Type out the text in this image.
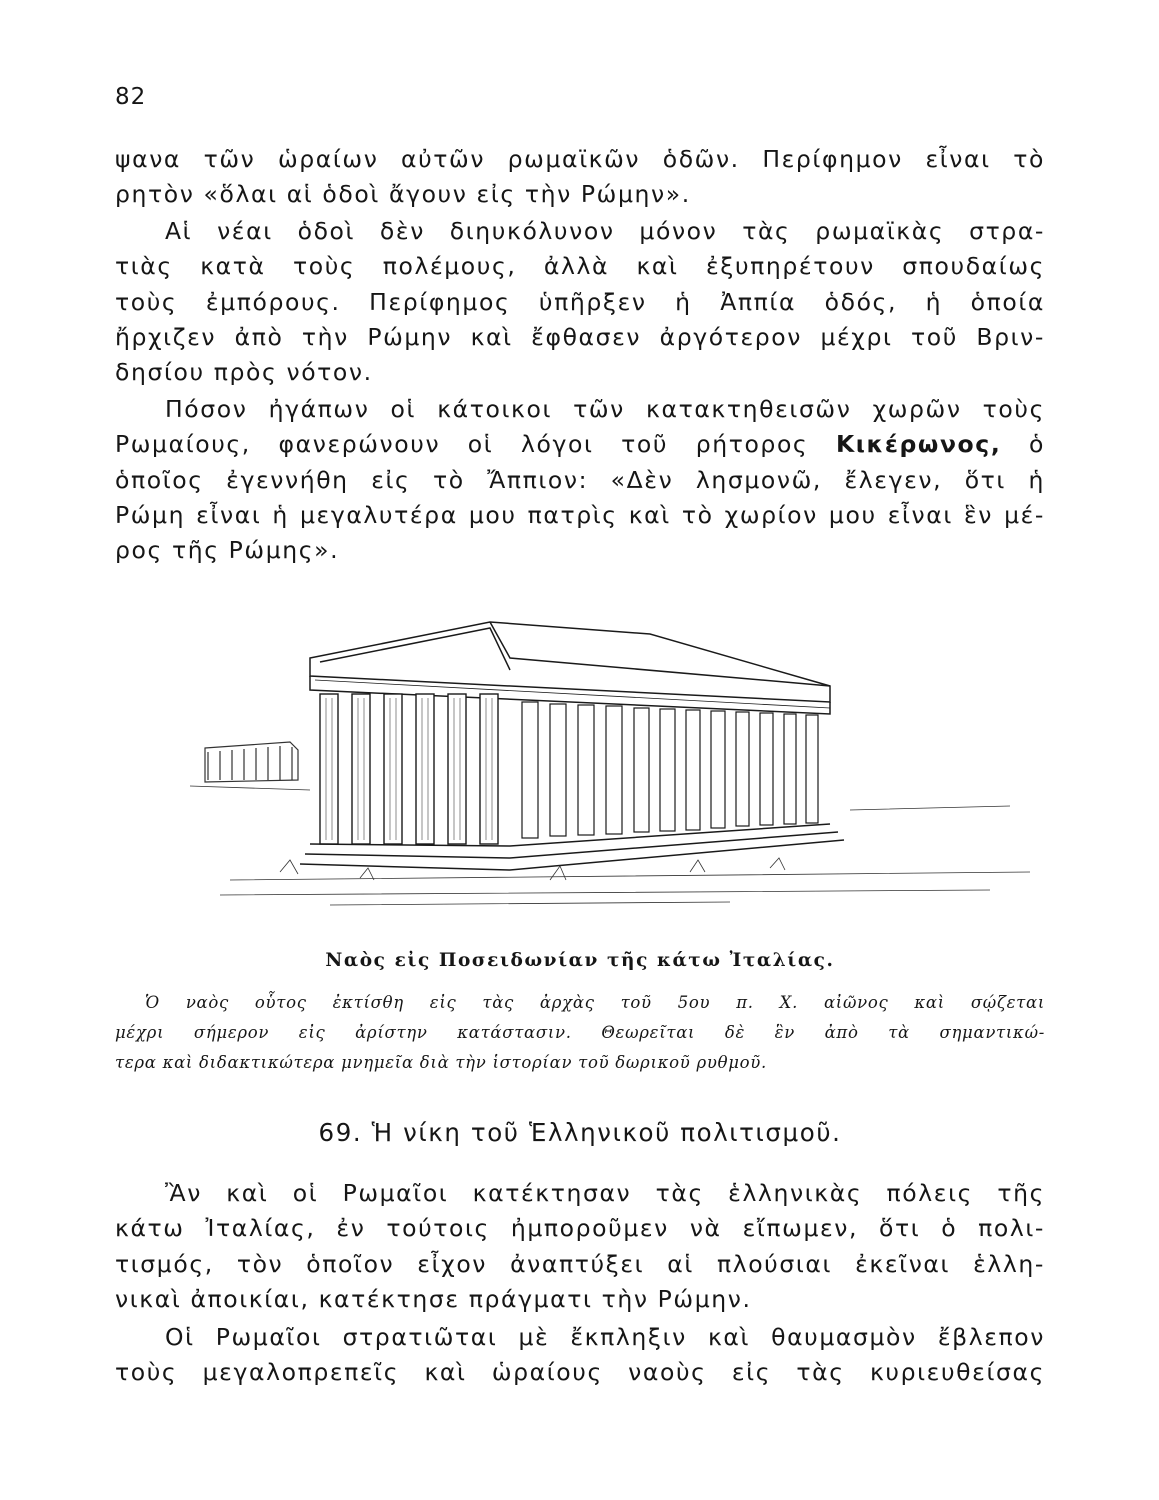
82
ψανα τῶν ὡραίων αὐτῶν ρωμαϊκῶν ὁδῶν. Περίφημον εἶναι τὸ
ρητὸν «ὅλαι αἱ ὁδοὶ ἄγουν εἰς τὴν Ρώμην».
Αἱ νέαι ὁδοὶ δὲν διηυκόλυνον μόνον τὰς ρωμαϊκὰς στρα-
τιὰς κατὰ τοὺς πολέμους, ἀλλὰ καὶ ἐξυπηρέτουν σπουδαίως
τοὺς ἐμπόρους. Περίφημος ὑπῆρξεν ἡ Ἀππία ὁδός, ἡ ὁποία
ἤρχιζεν ἀπὸ τὴν Ρώμην καὶ ἔφθασεν ἀργότερον μέχρι τοῦ Βριν-
δησίου πρὸς νότον.
Πόσον ἠγάπων οἱ κάτοικοι τῶν κατακτηθεισῶν χωρῶν τοὺς
Ρωμαίους, φανερώνουν οἱ λόγοι τοῦ ρήτορος Κικέρωνος, ὁ
ὁποῖος ἐγεννήθη εἰς τὸ Ἄππιον: «Δὲν λησμονῶ, ἔλεγεν, ὅτι ἡ
Ρώμη εἶναι ἡ μεγαλυτέρα μου πατρὶς καὶ τὸ χωρίον μου εἶναι ἓν μέ-
ρος τῆς Ρώμης».
Ναὸς εἰς Ποσειδωνίαν τῆς κάτω Ἰταλίας.
Ὁ ναὸς οὗτος ἐκτίσθη εἰς τὰς ἀρχὰς τοῦ 5ου π. Χ. αἰῶνος καὶ σῴζεται
μέχρι σήμερον εἰς ἀρίστην κατάστασιν. Θεωρεῖται δὲ ἓν ἀπὸ τὰ σημαντικώ-
τερα καὶ διδακτικώτερα μνημεῖα διὰ τὴν ἱστορίαν τοῦ δωρικοῦ ρυθμοῦ.
69. Ἡ νίκη τοῦ Ἑλληνικοῦ πολιτισμοῦ.
Ἂν καὶ οἱ Ρωμαῖοι κατέκτησαν τὰς ἑλληνικὰς πόλεις τῆς
κάτω Ἰταλίας, ἐν τούτοις ἠμποροῦμεν νὰ εἴπωμεν, ὅτι ὁ πολι-
τισμός, τὸν ὁποῖον εἶχον ἀναπτύξει αἱ πλούσιαι ἐκεῖναι ἑλλη-
νικαὶ ἀποικίαι, κατέκτησε πράγματι τὴν Ρώμην.
Οἱ Ρωμαῖοι στρατιῶται μὲ ἔκπληξιν καὶ θαυμασμὸν ἔβλεπον
τοὺς μεγαλοπρεπεῖς καὶ ὡραίους ναοὺς εἰς τὰς κυριευθείσας
